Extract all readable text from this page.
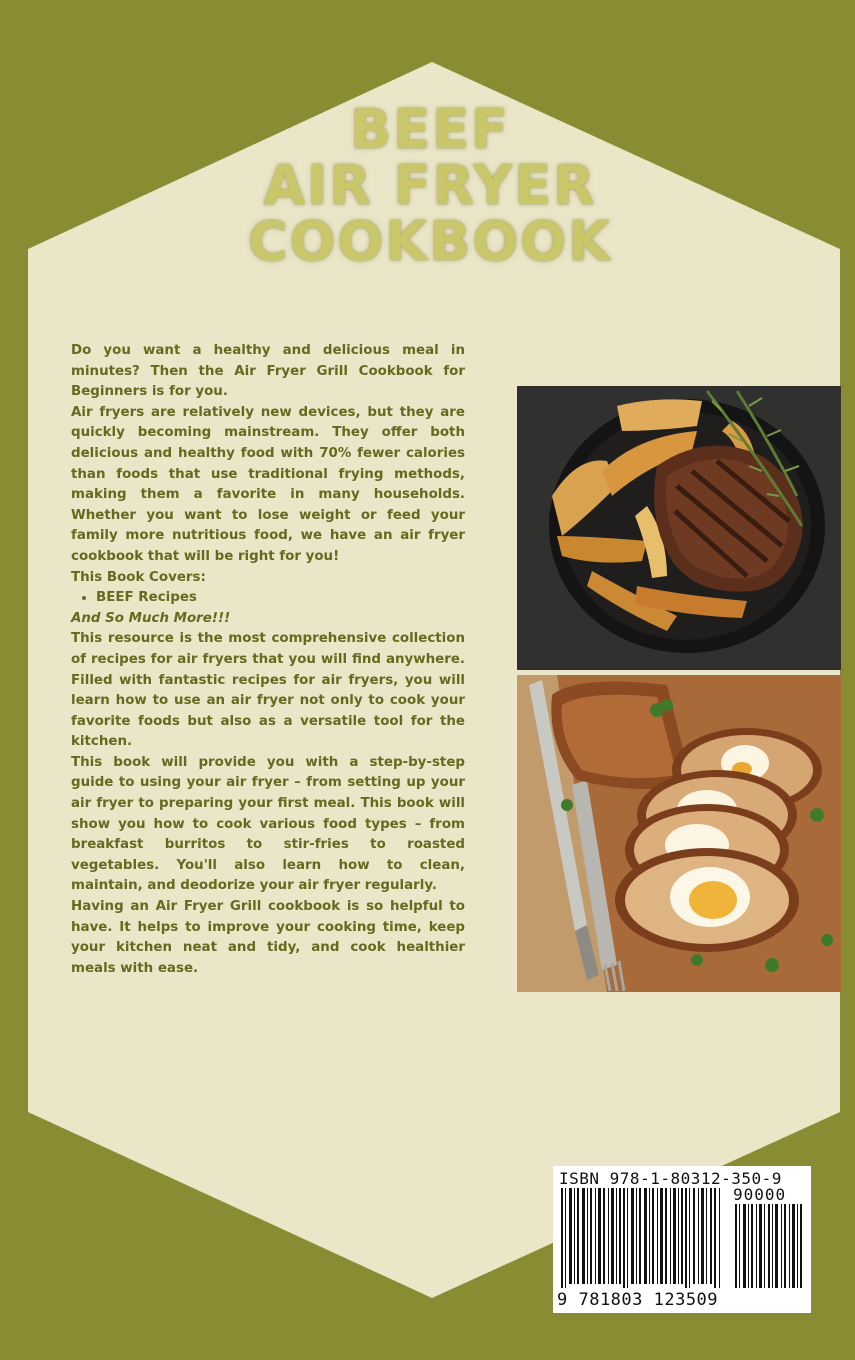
BEEF
AIR FRYER
COOKBOOK

Do you want a healthy and delicious meal in minutes? Then the Air Fryer Grill Cookbook for Beginners is for you.

Air fryers are relatively new devices, but they are quickly becoming mainstream. They offer both delicious and healthy food with 70% fewer calories than foods that use traditional frying methods, making them a favorite in many households. Whether you want to lose weight or feed your family more nutritious food, we have an air fryer cookbook that will be right for you!

This Book Covers:

• BEEF Recipes

And So Much More!!!

This resource is the most comprehensive collection of recipes for air fryers that you will find anywhere. Filled with fantastic recipes for air fryers, you will learn how to use an air fryer not only to cook your favorite foods but also as a versatile tool for the kitchen.

This book will provide you with a step-by-step guide to using your air fryer – from setting up your air fryer to preparing your first meal. This book will show you how to cook various food types – from breakfast burritos to stir-fries to roasted vegetables. You'll also learn how to clean, maintain, and deodorize your air fryer regularly.

Having an Air Fryer Grill cookbook is so helpful to have. It helps to improve your cooking time, keep your kitchen neat and tidy, and cook healthier meals with ease.

ISBN 978-1-80312-350-9
90000
9 781803 123509
